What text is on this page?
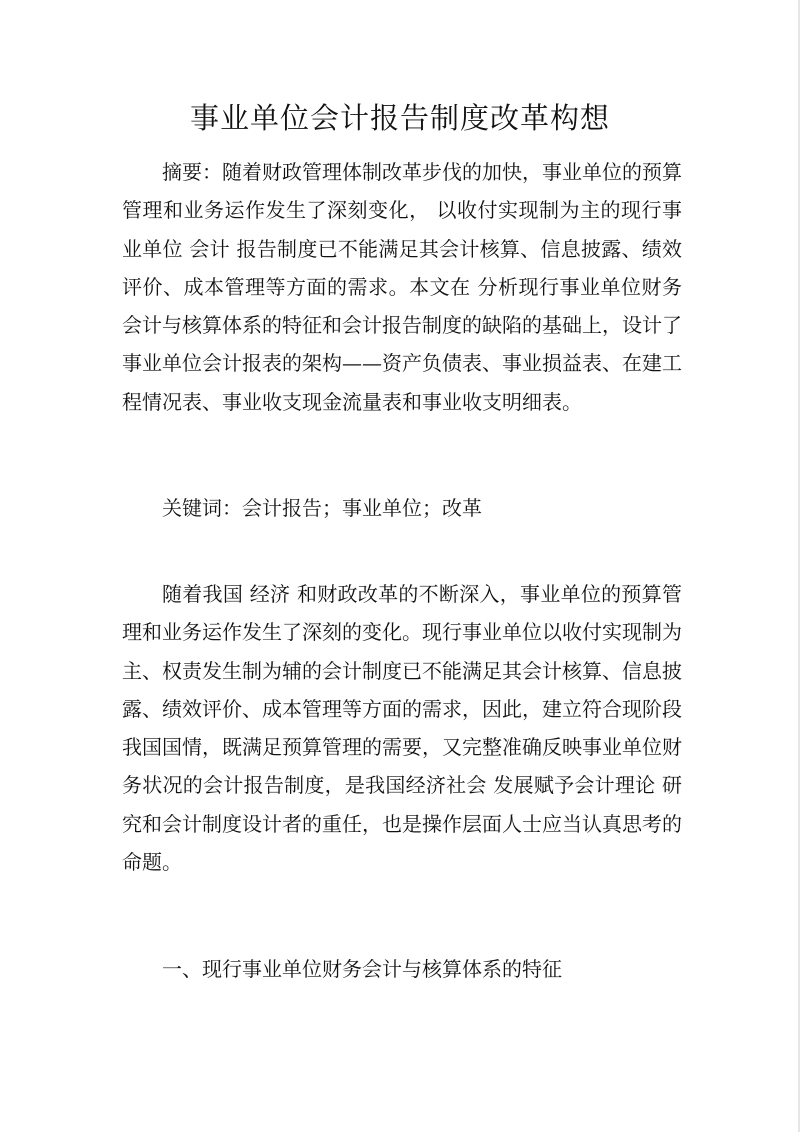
事业单位会计报告制度改革构想

摘要：随着财政管理体制改革步伐的加快，事业单位的预算管理和业务运作发生了深刻变化， 以收付实现制为主的现行事业单位 会计 报告制度已不能满足其会计核算、信息披露、绩效评价、成本管理等方面的需求。本文在 分析现行事业单位财务会计与核算体系的特征和会计报告制度的缺陷的基础上，设计了事业单位会计报表的架构——资产负债表、事业损益表、在建工程情况表、事业收支现金流量表和事业收支明细表。

关键词：会计报告；事业单位；改革

随着我国 经济 和财政改革的不断深入，事业单位的预算管理和业务运作发生了深刻的变化。现行事业单位以收付实现制为主、权责发生制为辅的会计制度已不能满足其会计核算、信息披露、绩效评价、成本管理等方面的需求，因此，建立符合现阶段我国国情，既满足预算管理的需要，又完整准确反映事业单位财务状况的会计报告制度，是我国经济社会 发展赋予会计理论 研究和会计制度设计者的重任，也是操作层面人士应当认真思考的命题。

一、现行事业单位财务会计与核算体系的特征
